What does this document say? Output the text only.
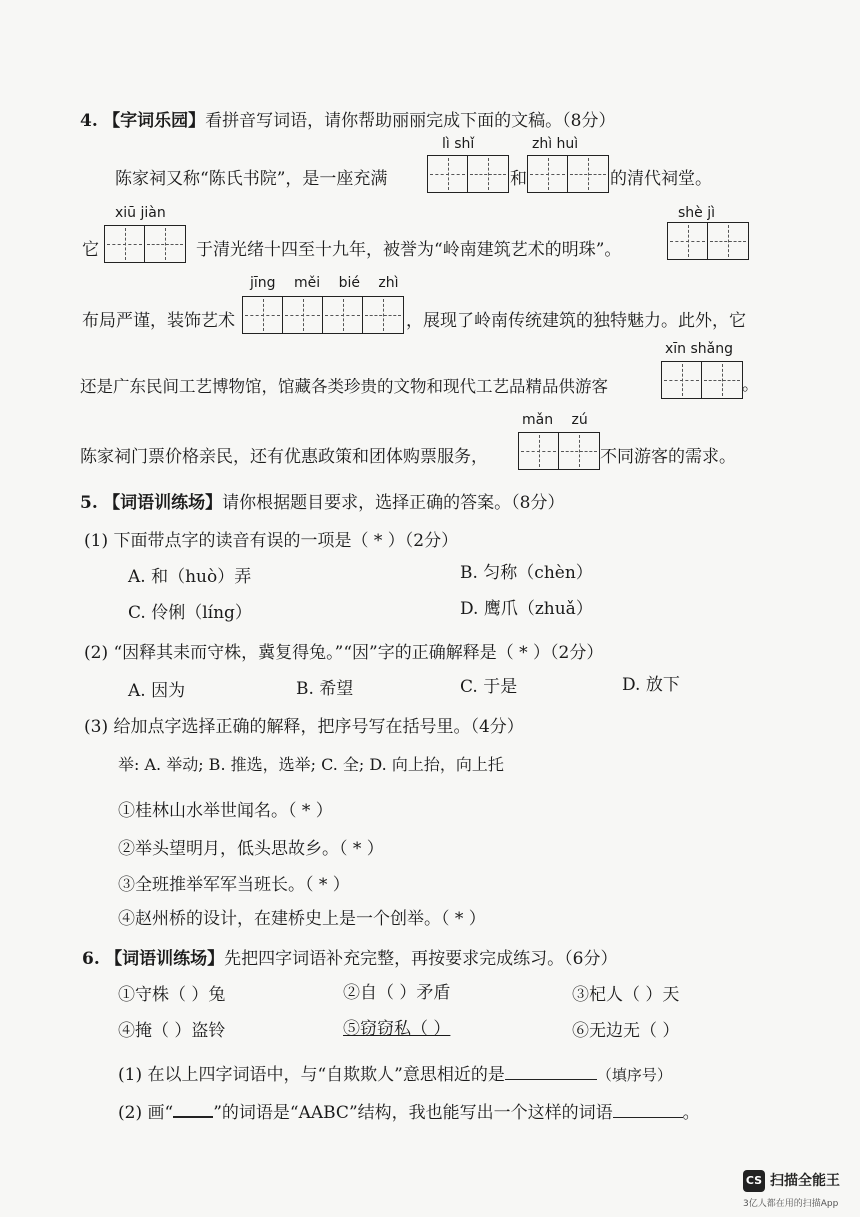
4. 【字词乐园】看拼音写词语，请你帮助丽丽完成下面的文稿。（8分）
lì shǐ	zhì huì
陈家祠又称“陈氏书院”，是一座充满	和	的清代祠堂。
xiū jiàn	shè jì
它	于清光绪十四至十九年，被誉为“岭南建筑艺术的明珠”。
jīng měi bié zhì
布局严谨，装饰艺术	，展现了岭南传统建筑的独特魅力。此外，它
xīn shǎng
还是广东民间工艺博物馆，馆藏各类珍贵的文物和现代工艺品精品供游客	。
mǎn zú
陈家祠门票价格亲民，还有优惠政策和团体购票服务，	不同游客的需求。
5. 【词语训练场】请你根据题目要求，选择正确的答案。（8分）
(1) 下面带点字的读音有误的一项是（ * ）（2分）
A. 和（huò）弄	B. 匀称（chèn）
C. 伶俐（líng）	D. 鹰爪（zhuǎ）
(2) “因释其耒而守株，冀复得兔。”“因”字的正确解释是（ * ）（2分）
A. 因为	B. 希望	C. 于是	D. 放下
(3) 给加点字选择正确的解释，把序号写在括号里。（4分）
举: A. 举动; B. 推选，选举; C. 全; D. 向上抬，向上托
①桂林山水举世闻名。（ * ）
②举头望明月，低头思故乡。（ * ）
③全班推举军军当班长。（ * ）
④赵州桥的设计，在建桥史上是一个创举。（ * ）
6. 【词语训练场】先把四字词语补充完整，再按要求完成练习。（6分）
①守株（ ）兔	②自（ ）矛盾	③杞人（ ）天
④掩（ ）盗铃	⑤窃窃私（ ）	⑥无边无（ ）
(1) 在以上四字词语中，与“自欺欺人”意思相近的是	（填序号）
(2) 画“ ”的词语是“AABC”结构，我也能写出一个这样的词语	。
CS 扫描全能王
3亿人都在用的扫描App
